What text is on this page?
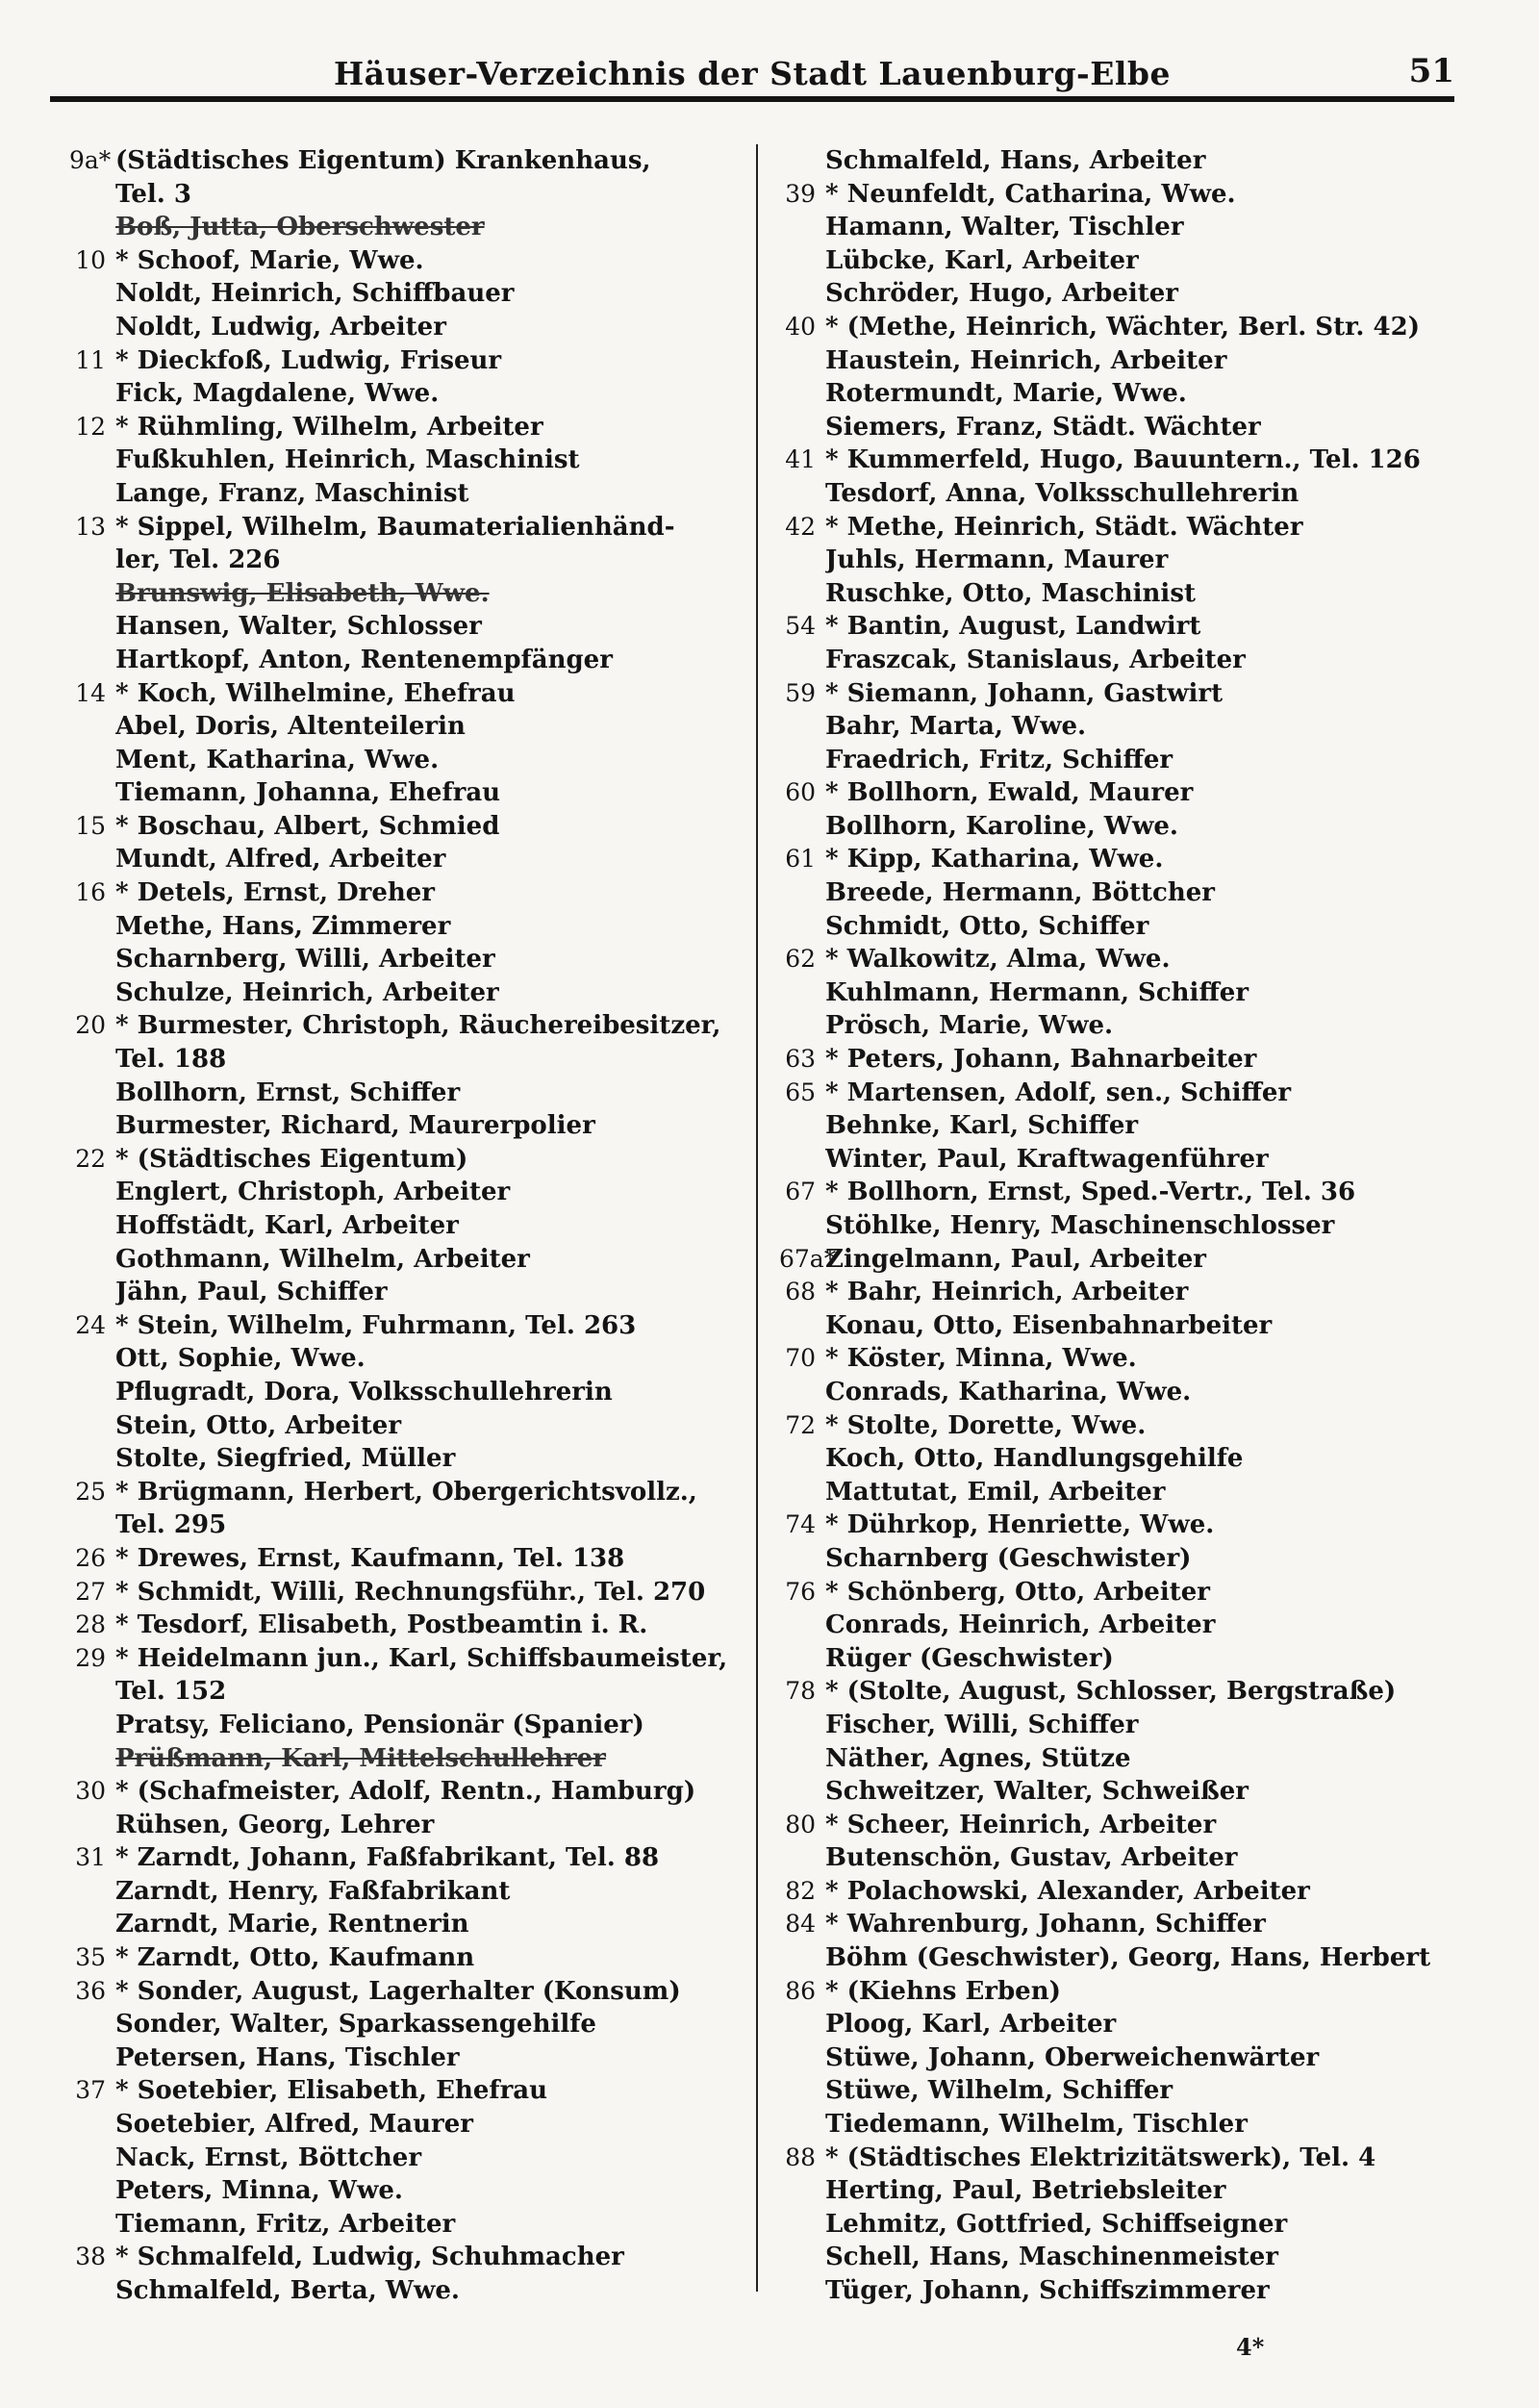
Häuser-Verzeichnis der Stadt Lauenburg-Elbe	51
9a* (Städtisches Eigentum) Krankenhaus,
Tel. 3
Boß, Jutta, Oberschwester
10 * Schoof, Marie, Wwe.
Noldt, Heinrich, Schiffbauer
Noldt, Ludwig, Arbeiter
11 * Dieckfoß, Ludwig, Friseur
Fick, Magdalene, Wwe.
12 * Rühmling, Wilhelm, Arbeiter
Fußkuhlen, Heinrich, Maschinist
Lange, Franz, Maschinist
13 * Sippel, Wilhelm, Baumaterialienhänd-
ler, Tel. 226
Brunswig, Elisabeth, Wwe.
Hansen, Walter, Schlosser
Hartkopf, Anton, Rentenempfänger
14 * Koch, Wilhelmine, Ehefrau
Abel, Doris, Altenteilerin
Ment, Katharina, Wwe.
Tiemann, Johanna, Ehefrau
15 * Boschau, Albert, Schmied
Mundt, Alfred, Arbeiter
16 * Detels, Ernst, Dreher
Methe, Hans, Zimmerer
Scharnberg, Willi, Arbeiter
Schulze, Heinrich, Arbeiter
20 * Burmester, Christoph, Räuchereibesitzer,
Tel. 188
Bollhorn, Ernst, Schiffer
Burmester, Richard, Maurerpolier
22 * (Städtisches Eigentum)
Englert, Christoph, Arbeiter
Hoffstädt, Karl, Arbeiter
Gothmann, Wilhelm, Arbeiter
Jähn, Paul, Schiffer
24 * Stein, Wilhelm, Fuhrmann, Tel. 263
Ott, Sophie, Wwe.
Pflugradt, Dora, Volksschullehrerin
Stein, Otto, Arbeiter
Stolte, Siegfried, Müller
25 * Brügmann, Herbert, Obergerichtsvollz.,
Tel. 295
26 * Drewes, Ernst, Kaufmann, Tel. 138
27 * Schmidt, Willi, Rechnungsführ., Tel. 270
28 * Tesdorf, Elisabeth, Postbeamtin i. R.
29 * Heidelmann jun., Karl, Schiffsbaumeister,
Tel. 152
Pratsy, Feliciano, Pensionär (Spanier)
Prüßmann, Karl, Mittelschullehrer
30 * (Schafmeister, Adolf, Rentn., Hamburg)
Rühsen, Georg, Lehrer
31 * Zarndt, Johann, Faßfabrikant, Tel. 88
Zarndt, Henry, Faßfabrikant
Zarndt, Marie, Rentnerin
35 * Zarndt, Otto, Kaufmann
36 * Sonder, August, Lagerhalter (Konsum)
Sonder, Walter, Sparkassengehilfe
Petersen, Hans, Tischler
37 * Soetebier, Elisabeth, Ehefrau
Soetebier, Alfred, Maurer
Nack, Ernst, Böttcher
Peters, Minna, Wwe.
Tiemann, Fritz, Arbeiter
38 * Schmalfeld, Ludwig, Schuhmacher
Schmalfeld, Berta, Wwe.
Schmalfeld, Hans, Arbeiter
39 * Neunfeldt, Catharina, Wwe.
Hamann, Walter, Tischler
Lübcke, Karl, Arbeiter
Schröder, Hugo, Arbeiter
40 * (Methe, Heinrich, Wächter, Berl. Str. 42)
Haustein, Heinrich, Arbeiter
Rotermundt, Marie, Wwe.
Siemers, Franz, Städt. Wächter
41 * Kummerfeld, Hugo, Bauuntern., Tel. 126
Tesdorf, Anna, Volksschullehrerin
42 * Methe, Heinrich, Städt. Wächter
Juhls, Hermann, Maurer
Ruschke, Otto, Maschinist
54 * Bantin, August, Landwirt
Fraszcak, Stanislaus, Arbeiter
59 * Siemann, Johann, Gastwirt
Bahr, Marta, Wwe.
Fraedrich, Fritz, Schiffer
60 * Bollhorn, Ewald, Maurer
Bollhorn, Karoline, Wwe.
61 * Kipp, Katharina, Wwe.
Breede, Hermann, Böttcher
Schmidt, Otto, Schiffer
62 * Walkowitz, Alma, Wwe.
Kuhlmann, Hermann, Schiffer
Prösch, Marie, Wwe.
63 * Peters, Johann, Bahnarbeiter
65 * Martensen, Adolf, sen., Schiffer
Behnke, Karl, Schiffer
Winter, Paul, Kraftwagenführer
67 * Bollhorn, Ernst, Sped.-Vertr., Tel. 36
Stöhlke, Henry, Maschinenschlosser
67a*
Zingelmann, Paul, Arbeiter
68 * Bahr, Heinrich, Arbeiter
Konau, Otto, Eisenbahnarbeiter
70 * Köster, Minna, Wwe.
Conrads, Katharina, Wwe.
72 * Stolte, Dorette, Wwe.
Koch, Otto, Handlungsgehilfe
Mattutat, Emil, Arbeiter
74 * Dührkop, Henriette, Wwe.
Scharnberg (Geschwister)
76 * Schönberg, Otto, Arbeiter
Conrads, Heinrich, Arbeiter
Rüger (Geschwister)
78 * (Stolte, August, Schlosser, Bergstraße)
Fischer, Willi, Schiffer
Näther, Agnes, Stütze
Schweitzer, Walter, Schweißer
80 * Scheer, Heinrich, Arbeiter
Butenschön, Gustav, Arbeiter
82 * Polachowski, Alexander, Arbeiter
84 * Wahrenburg, Johann, Schiffer
Böhm (Geschwister), Georg, Hans, Herbert
86 * (Kiehns Erben)
Ploog, Karl, Arbeiter
Stüwe, Johann, Oberweichenwärter
Stüwe, Wilhelm, Schiffer
Tiedemann, Wilhelm, Tischler
88 * (Städtisches Elektrizitätswerk), Tel. 4
Herting, Paul, Betriebsleiter
Lehmitz, Gottfried, Schiffseigner
Schell, Hans, Maschinenmeister
Tüger, Johann, Schiffszimmerer
4*
